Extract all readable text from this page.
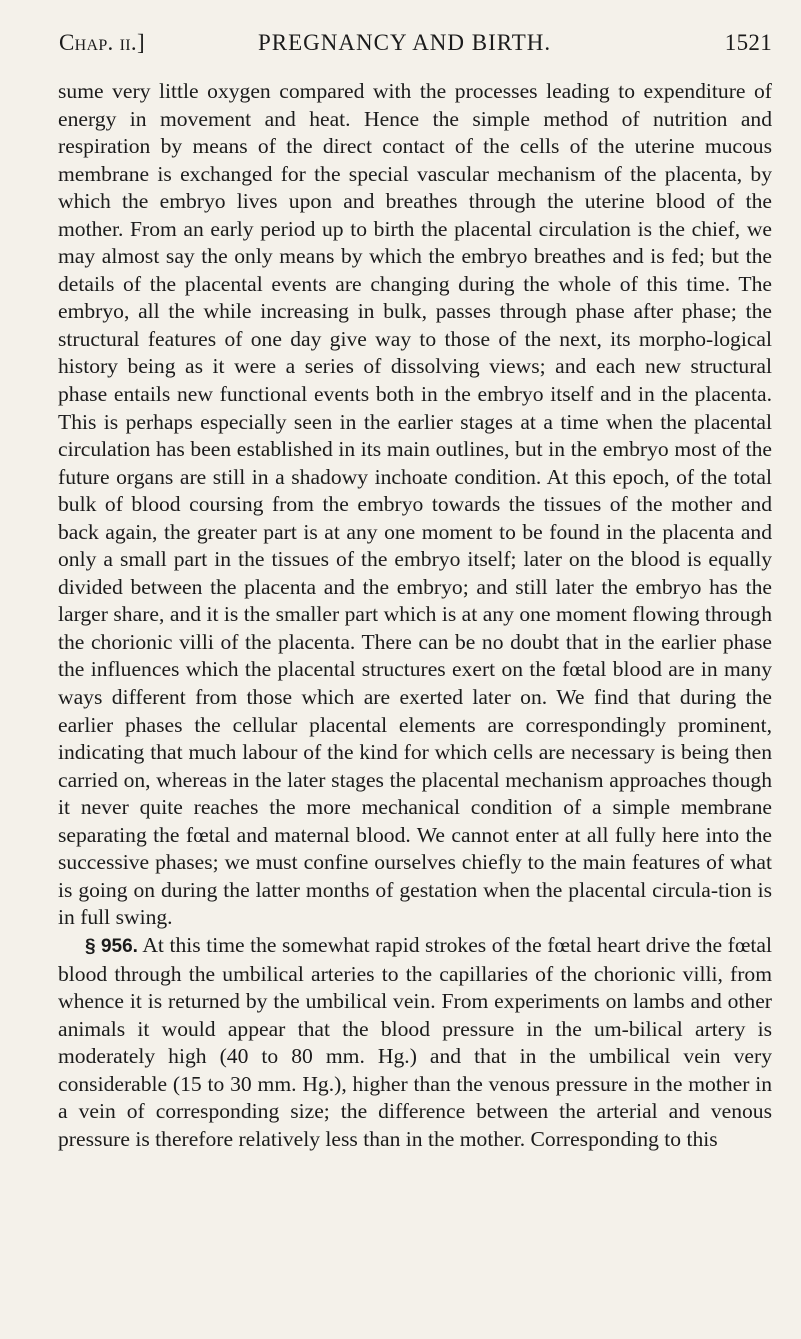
Chap. ii.]	PREGNANCY AND BIRTH.	1521

sume very little oxygen compared with the processes leading to expenditure of energy in movement and heat. Hence the simple method of nutrition and respiration by means of the direct contact of the cells of the uterine mucous membrane is exchanged for the special vascular mechanism of the placenta, by which the embryo lives upon and breathes through the uterine blood of the mother. From an early period up to birth the placental circulation is the chief, we may almost say the only means by which the embryo breathes and is fed; but the details of the placental events are changing during the whole of this time. The embryo, all the while increasing in bulk, passes through phase after phase; the structural features of one day give way to those of the next, its morpho-logical history being as it were a series of dissolving views; and each new structural phase entails new functional events both in the embryo itself and in the placenta. This is perhaps especially seen in the earlier stages at a time when the placental circulation has been established in its main outlines, but in the embryo most of the future organs are still in a shadowy inchoate condition. At this epoch, of the total bulk of blood coursing from the embryo towards the tissues of the mother and back again, the greater part is at any one moment to be found in the placenta and only a small part in the tissues of the embryo itself; later on the blood is equally divided between the placenta and the embryo; and still later the embryo has the larger share, and it is the smaller part which is at any one moment flowing through the chorionic villi of the placenta. There can be no doubt that in the earlier phase the influences which the placental structures exert on the fœtal blood are in many ways different from those which are exerted later on. We find that during the earlier phases the cellular placental elements are correspondingly prominent, indicating that much labour of the kind for which cells are necessary is being then carried on, whereas in the later stages the placental mechanism approaches though it never quite reaches the more mechanical condition of a simple membrane separating the fœtal and maternal blood. We cannot enter at all fully here into the successive phases; we must confine ourselves chiefly to the main features of what is going on during the latter months of gestation when the placental circula-tion is in full swing.

§ 956. At this time the somewhat rapid strokes of the fœtal heart drive the fœtal blood through the umbilical arteries to the capillaries of the chorionic villi, from whence it is returned by the umbilical vein. From experiments on lambs and other animals it would appear that the blood pressure in the um-bilical artery is moderately high (40 to 80 mm. Hg.) and that in the umbilical vein very considerable (15 to 30 mm. Hg.), higher than the venous pressure in the mother in a vein of corresponding size; the difference between the arterial and venous pressure is therefore relatively less than in the mother. Corresponding to this
